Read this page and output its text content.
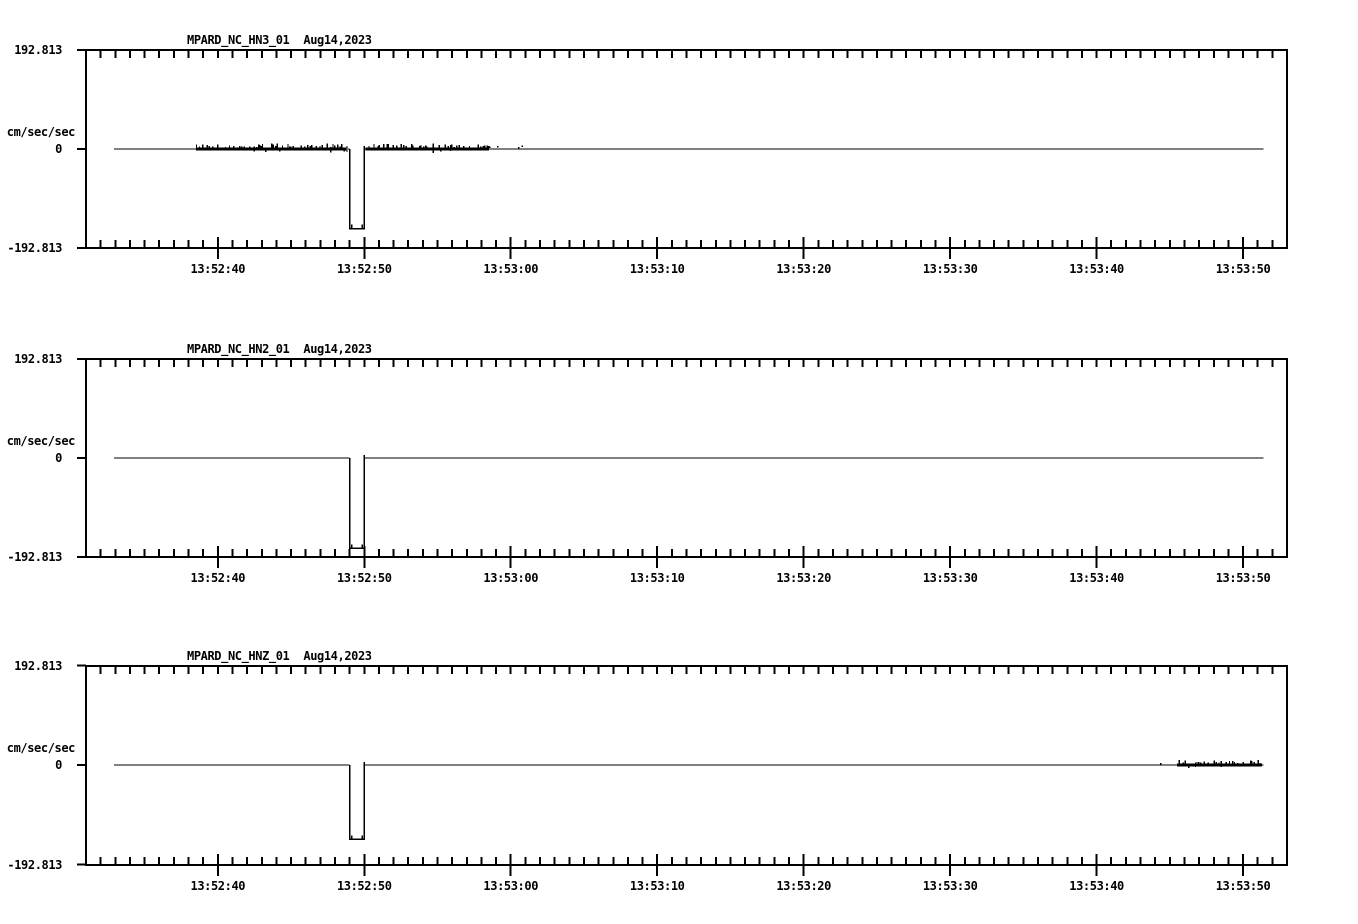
MPARD_NC_HN3_01 Aug14,2023
192.813
cm/sec/sec
0
-192.813
13:52:40	13:52:50	13:53:00	13:53:10	13:53:20	13:53:30	13:53:40	13:53:50
MPARD_NC_HN2_01 Aug14,2023
192.813
cm/sec/sec
0
-192.813
13:52:40	13:52:50	13:53:00	13:53:10	13:53:20	13:53:30	13:53:40	13:53:50
MPARD_NC_HNZ_01 Aug14,2023
192.813
cm/sec/sec
0
-192.813
13:52:40	13:52:50	13:53:00	13:53:10	13:53:20	13:53:30	13:53:40	13:53:50
